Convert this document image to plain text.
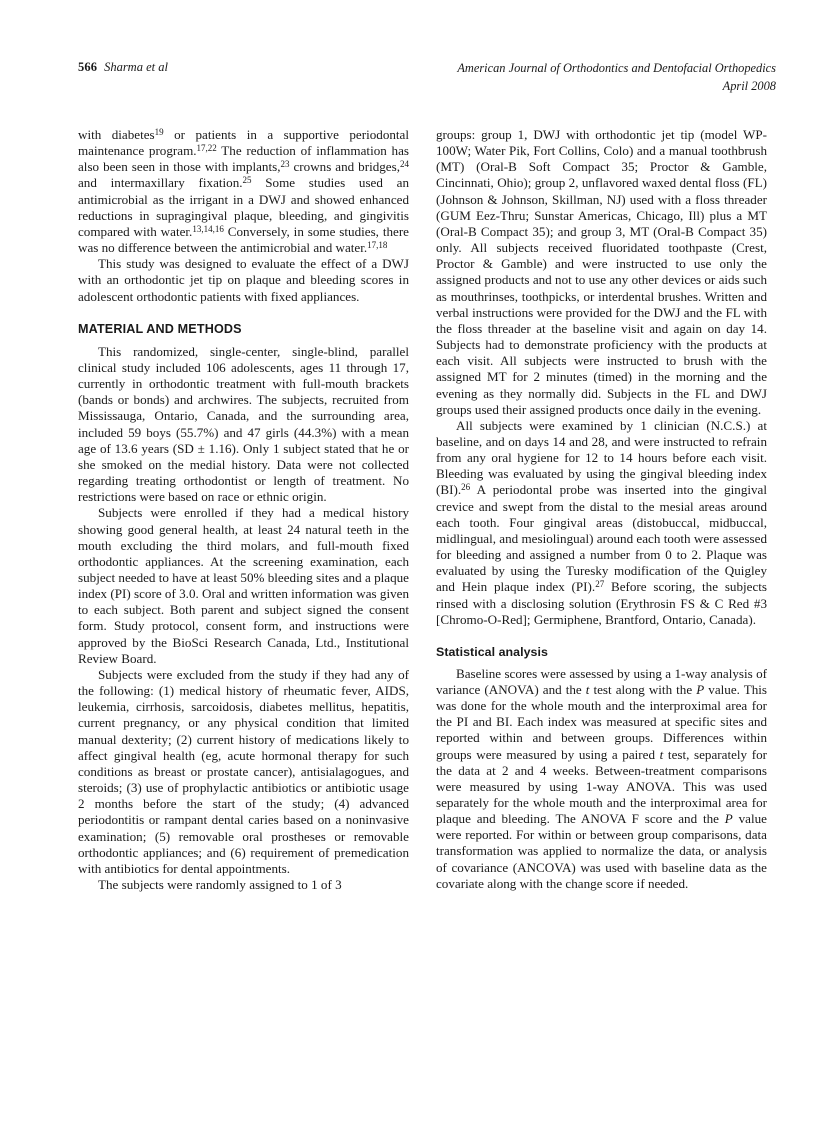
566 Sharma et al	American Journal of Orthodontics and Dentofacial Orthopedics
April 2008

with diabetes$^{19}$ or patients in a supportive periodontal maintenance program.$^{17,22}$ The reduction of inflammation has also been seen in those with implants,$^{23}$ crowns and bridges,$^{24}$ and intermaxillary fixation.$^{25}$ Some studies used an antimicrobial as the irrigant in a DWJ and showed enhanced reductions in supragingival plaque, bleeding, and gingivitis compared with water.$^{13,14,16}$ Conversely, in some studies, there was no difference between the antimicrobial and water.$^{17,18}$

This study was designed to evaluate the effect of a DWJ with an orthodontic jet tip on plaque and bleeding scores in adolescent orthodontic patients with fixed appliances.

MATERIAL AND METHODS

This randomized, single-center, single-blind, parallel clinical study included 106 adolescents, ages 11 through 17, currently in orthodontic treatment with full-mouth brackets (bands or bonds) and archwires. The subjects, recruited from Mississauga, Ontario, Canada, and the surrounding area, included 59 boys (55.7%) and 47 girls (44.3%) with a mean age of 13.6 years (SD ± 1.16). Only 1 subject stated that he or she smoked on the medial history. Data were not collected regarding treating orthodontist or length of treatment. No restrictions were based on race or ethnic origin.

Subjects were enrolled if they had a medical history showing good general health, at least 24 natural teeth in the mouth excluding the third molars, and full-mouth fixed orthodontic appliances. At the screening examination, each subject needed to have at least 50% bleeding sites and a plaque index (PI) score of 3.0. Oral and written information was given to each subject. Both parent and subject signed the consent form. Study protocol, consent form, and instructions were approved by the BioSci Research Canada, Ltd., Institutional Review Board.

Subjects were excluded from the study if they had any of the following: (1) medical history of rheumatic fever, AIDS, leukemia, cirrhosis, sarcoidosis, diabetes mellitus, hepatitis, current pregnancy, or any physical condition that limited manual dexterity; (2) current history of medications likely to affect gingival health (eg, acute hormonal therapy for such conditions as breast or prostate cancer), antisialagogues, and steroids; (3) use of prophylactic antibiotics or antibiotic usage 2 months before the start of the study; (4) advanced periodontitis or rampant dental caries based on a noninvasive examination; (5) removable oral prostheses or removable orthodontic appliances; and (6) requirement of premedication with antibiotics for dental appointments.

The subjects were randomly assigned to 1 of 3

groups: group 1, DWJ with orthodontic jet tip (model WP-100W; Water Pik, Fort Collins, Colo) and a manual toothbrush (MT) (Oral-B Soft Compact 35; Proctor & Gamble, Cincinnati, Ohio); group 2, unflavored waxed dental floss (FL) (Johnson & Johnson, Skillman, NJ) used with a floss threader (GUM Eez-Thru; Sunstar Americas, Chicago, Ill) plus a MT (Oral-B Compact 35); and group 3, MT (Oral-B Compact 35) only. All subjects received fluoridated toothpaste (Crest, Proctor & Gamble) and were instructed to use only the assigned products and not to use any other devices or aids such as mouthrinses, toothpicks, or interdental brushes. Written and verbal instructions were provided for the DWJ and the FL with the floss threader at the baseline visit and again on day 14. Subjects had to demonstrate proficiency with the products at each visit. All subjects were instructed to brush with the assigned MT for 2 minutes (timed) in the morning and the evening as they normally did. Subjects in the FL and DWJ groups used their assigned products once daily in the evening.

All subjects were examined by 1 clinician (N.C.S.) at baseline, and on days 14 and 28, and were instructed to refrain from any oral hygiene for 12 to 14 hours before each visit. Bleeding was evaluated by using the gingival bleeding index (BI).$^{26}$ A periodontal probe was inserted into the gingival crevice and swept from the distal to the mesial areas around each tooth. Four gingival areas (distobuccal, midbuccal, midlingual, and mesiolingual) around each tooth were assessed for bleeding and assigned a number from 0 to 2. Plaque was evaluated by using the Turesky modification of the Quigley and Hein plaque index (PI).$^{27}$ Before scoring, the subjects rinsed with a disclosing solution (Erythrosin FS & C Red #3 [Chromo-O-Red]; Germiphene, Brantford, Ontario, Canada).

Statistical analysis

Baseline scores were assessed by using a 1-way analysis of variance (ANOVA) and the t test along with the P value. This was done for the whole mouth and the interproximal area for the PI and BI. Each index was measured at specific sites and reported within and between groups. Differences within groups were measured by using a paired t test, separately for the data at 2 and 4 weeks. Between-treatment comparisons were measured by using 1-way ANOVA. This was used separately for the whole mouth and the interproximal area for plaque and bleeding. The ANOVA F score and the P value were reported. For within or between group comparisons, data transformation was applied to normalize the data, or analysis of covariance (ANCOVA) was used with baseline data as the covariate along with the change score if needed.
